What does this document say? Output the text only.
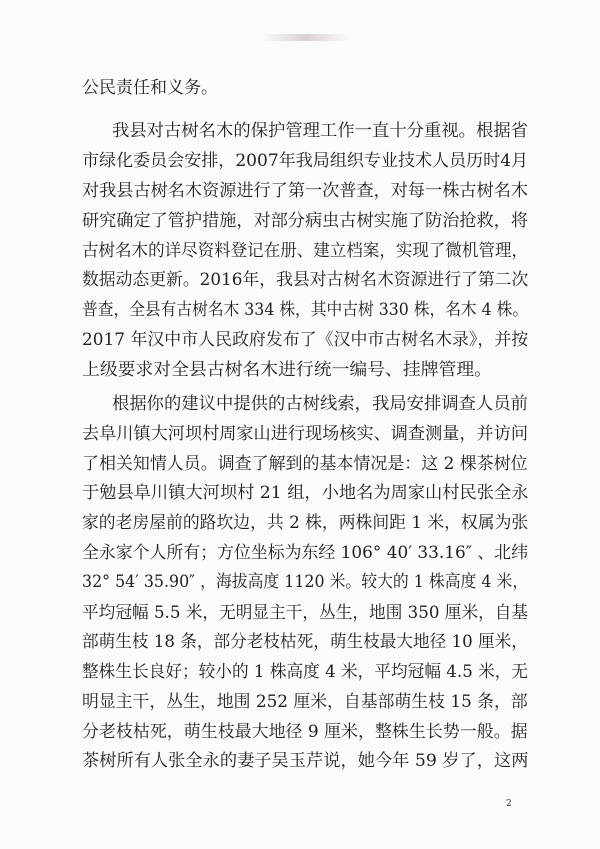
公民责任和义务。
我县对古树名木的保护管理工作一直十分重视。根据省
市绿化委员会安排，2007年我局组织专业技术人员历时4月
对我县古树名木资源进行了第一次普查，对每一株古树名木
研究确定了管护措施，对部分病虫古树实施了防治抢救，将
古树名木的详尽资料登记在册、建立档案，实现了微机管理，
数据动态更新。2016年，我县对古树名木资源进行了第二次
普查，全县有古树名木 334 株，其中古树 330 株，名木 4 株。
2017 年汉中市人民政府发布了《汉中市古树名木录》，并按
上级要求对全县古树名木进行统一编号、挂牌管理。
根据你的建议中提供的古树线索，我局安排调查人员前
去阜川镇大河坝村周家山进行现场核实、调查测量，并访问
了相关知情人员。调查了解到的基本情况是：这 2 棵茶树位
于勉县阜川镇大河坝村 21 组，小地名为周家山村民张全永
家的老房屋前的路坎边，共 2 株，两株间距 1 米，权属为张
全永家个人所有；方位坐标为东经 106° 40′ 33.16″ 、北纬
32° 54′ 35.90″ ，海拔高度 1120 米。较大的 1 株高度 4 米，
平均冠幅 5.5 米，无明显主干，丛生，地围 350 厘米，自基
部萌生枝 18 条，部分老枝枯死，萌生枝最大地径 10 厘米，
整株生长良好；较小的 1 株高度 4 米，平均冠幅 4.5 米，无
明显主干，丛生，地围 252 厘米，自基部萌生枝 15 条，部
分老枝枯死，萌生枝最大地径 9 厘米，整株生长势一般。据
茶树所有人张全永的妻子吴玉芹说，她今年 59 岁了，这两
2
